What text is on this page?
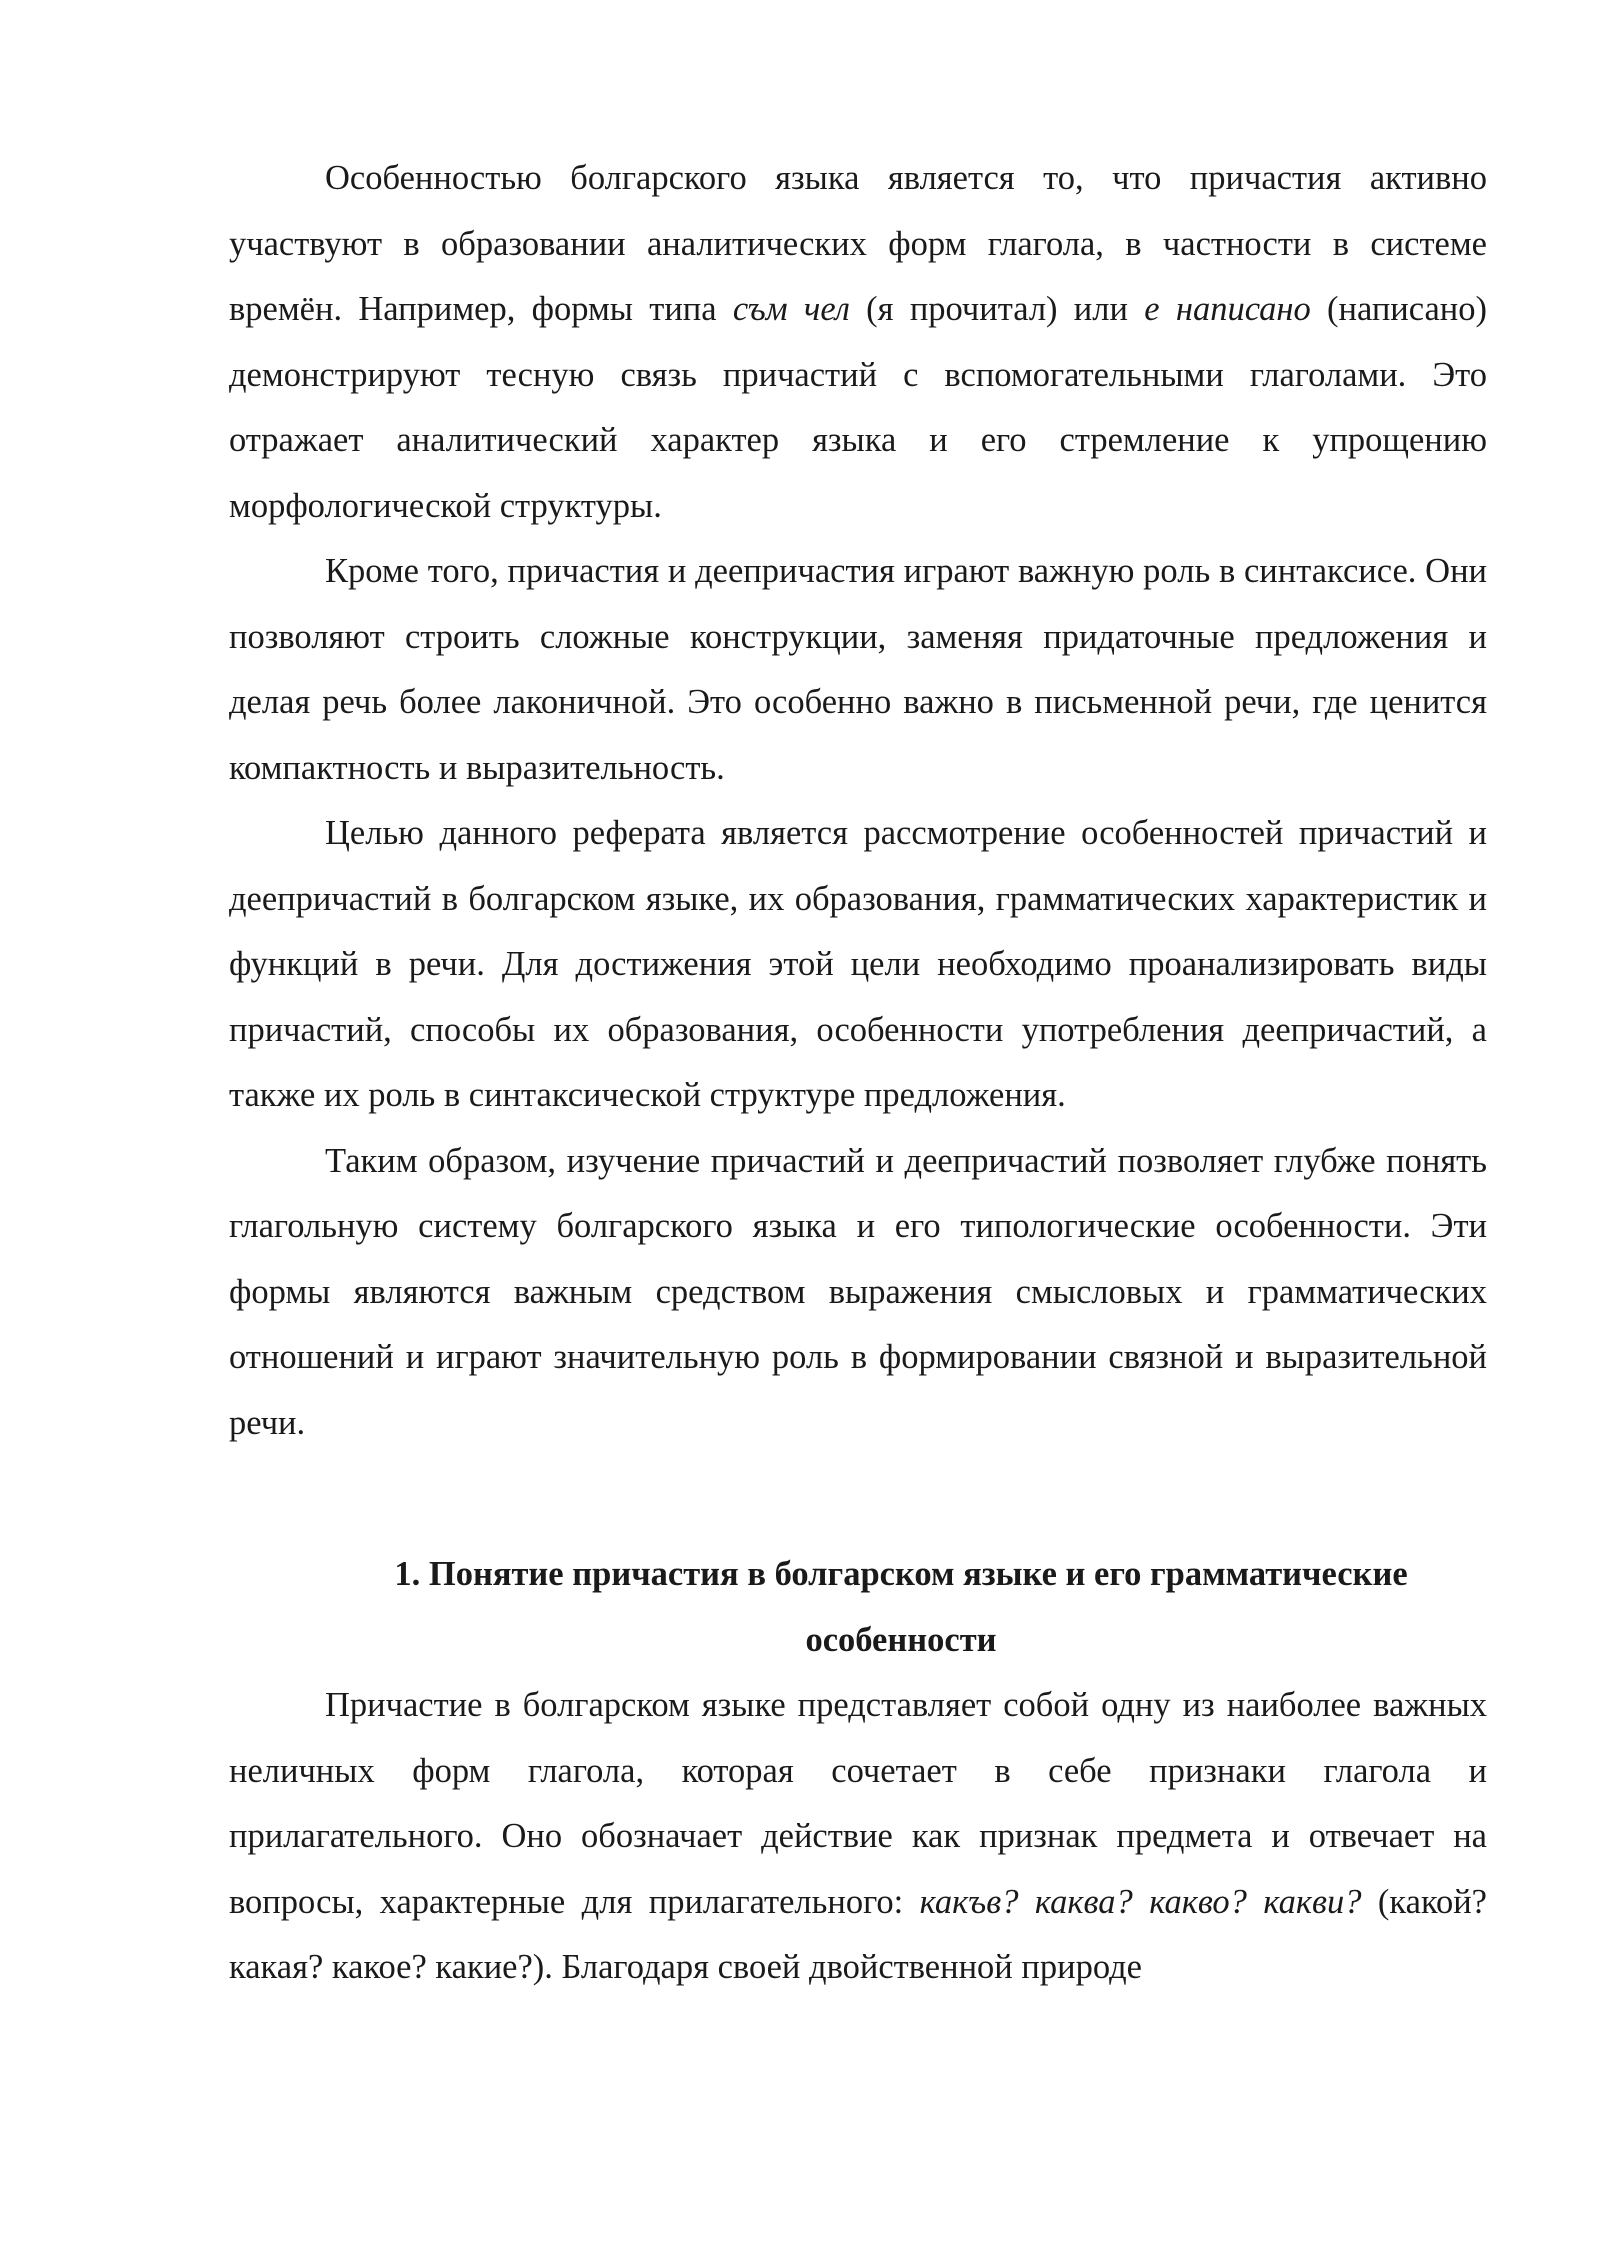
Особенностью болгарского языка является то, что причастия активно участвуют в образовании аналитических форм глагола, в частности в системе времён. Например, формы типа съм чел (я прочитал) или е написано (написано) демонстрируют тесную связь причастий с вспомогательными глаголами. Это отражает аналитический характер языка и его стремление к упрощению морфологической структуры.

Кроме того, причастия и деепричастия играют важную роль в синтаксисе. Они позволяют строить сложные конструкции, заменяя придаточные предложения и делая речь более лаконичной. Это особенно важно в письменной речи, где ценится компактность и выразительность.

Целью данного реферата является рассмотрение особенностей причастий и деепричастий в болгарском языке, их образования, грамматических характеристик и функций в речи. Для достижения этой цели необходимо проанализировать виды причастий, способы их образования, особенности употребления деепричастий, а также их роль в синтаксической структуре предложения.

Таким образом, изучение причастий и деепричастий позволяет глубже понять глагольную систему болгарского языка и его типологические особенности. Эти формы являются важным средством выражения смысловых и грамматических отношений и играют значительную роль в формировании связной и выразительной речи.

1. Понятие причастия в болгарском языке и его грамматические
особенности

Причастие в болгарском языке представляет собой одну из наиболее важных неличных форм глагола, которая сочетает в себе признаки глагола и прилагательного. Оно обозначает действие как признак предмета и отвечает на вопросы, характерные для прилагательного: какъв? каква? какво? какви? (какой? какая? какое? какие?). Благодаря своей двойственной природе
